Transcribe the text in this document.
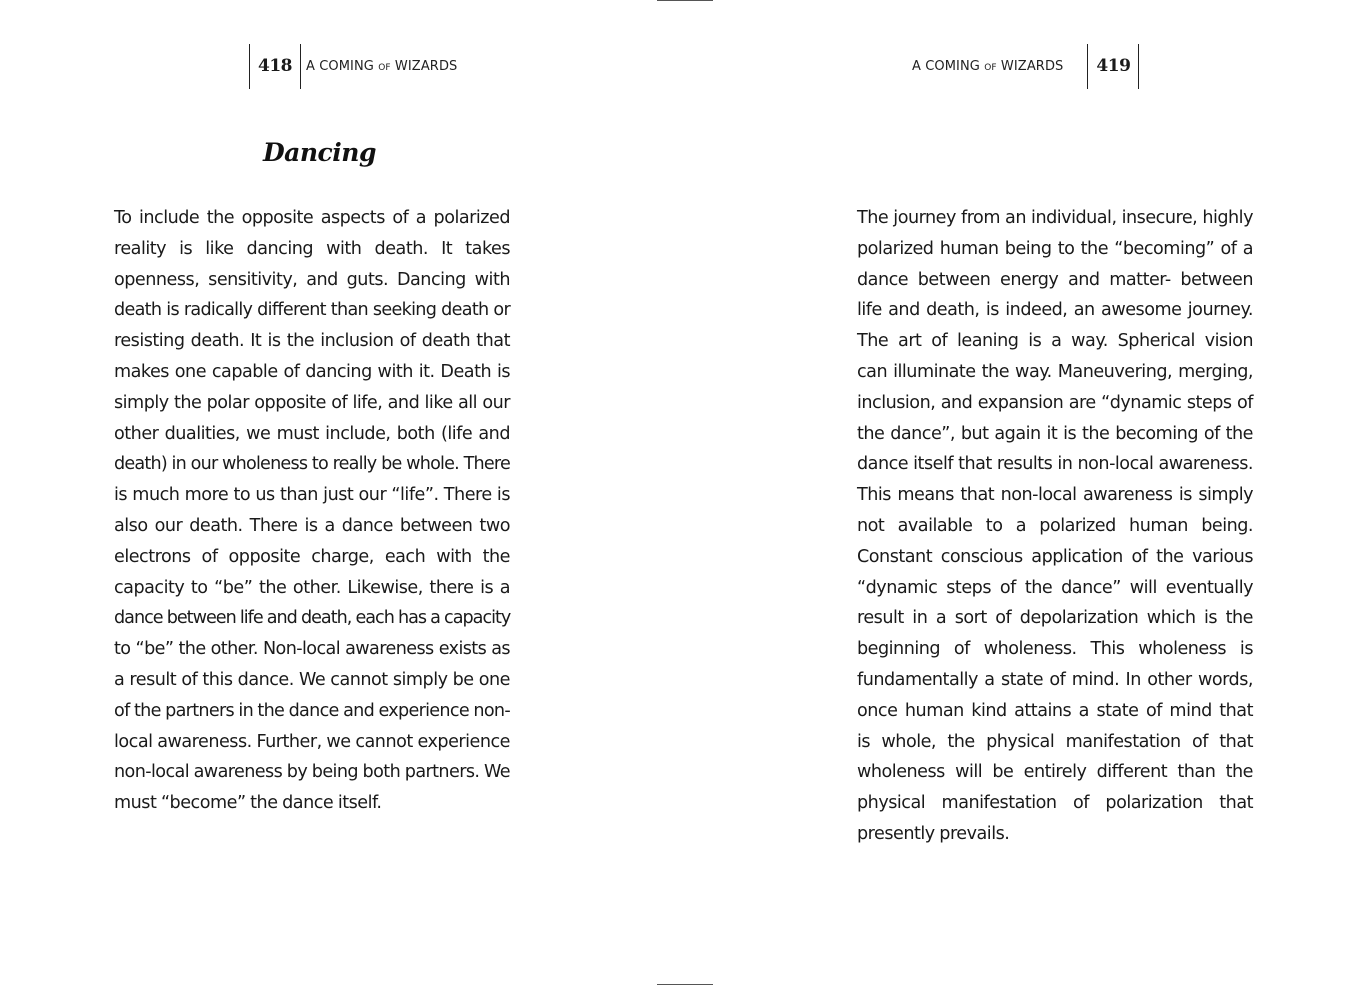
418	A COMING OF WIZARDS
Dancing
To include the opposite aspects of a polarized
reality is like dancing with death. It takes
openness, sensitivity, and guts. Dancing with
death is radically different than seeking death or
resisting death. It is the inclusion of death that
makes one capable of dancing with it. Death is
simply the polar opposite of life, and like all our
other dualities, we must include, both (life and
death) in our wholeness to really be whole. There
is much more to us than just our “life”. There is
also our death. There is a dance between two
electrons of opposite charge, each with the
capacity to “be” the other. Likewise, there is a
dance between life and death, each has a capacity
to “be” the other. Non-local awareness exists as
a result of this dance. We cannot simply be one
of the partners in the dance and experience non-
local awareness. Further, we cannot experience
non-local awareness by being both partners. We
must “become” the dance itself.
A COMING OF WIZARDS	419
The journey from an individual, insecure, highly
polarized human being to the “becoming” of a
dance between energy and matter- between
life and death, is indeed, an awesome journey.
The art of leaning is a way. Spherical vision
can illuminate the way. Maneuvering, merging,
inclusion, and expansion are “dynamic steps of
the dance”, but again it is the becoming of the
dance itself that results in non-local awareness.
This means that non-local awareness is simply
not available to a polarized human being.
Constant conscious application of the various
“dynamic steps of the dance” will eventually
result in a sort of depolarization which is the
beginning of wholeness. This wholeness is
fundamentally a state of mind. In other words,
once human kind attains a state of mind that
is whole, the physical manifestation of that
wholeness will be entirely different than the
physical manifestation of polarization that
presently prevails.
